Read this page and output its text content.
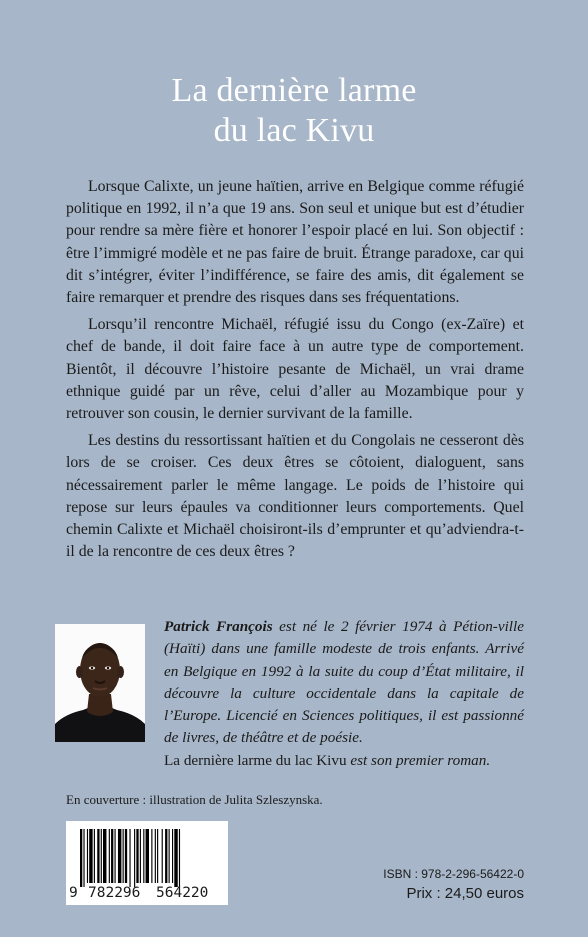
La dernière larme
du lac Kivu

Lorsque Calixte, un jeune haïtien, arrive en Belgique comme réfugié politique en 1992, il n’a que 19 ans. Son seul et unique but est d’étudier pour rendre sa mère fière et honorer l’espoir placé en lui. Son objectif : être l’immigré modèle et ne pas faire de bruit. Étrange paradoxe, car qui dit s’intégrer, éviter l’indifférence, se faire des amis, dit également se faire remarquer et prendre des risques dans ses fréquentations.

Lorsqu’il rencontre Michaël, réfugié issu du Congo (ex-Zaïre) et chef de bande, il doit faire face à un autre type de comportement. Bientôt, il découvre l’histoire pesante de Michaël, un vrai drame ethnique guidé par un rêve, celui d’aller au Mozambique pour y retrouver son cousin, le dernier survivant de la famille.

Les destins du ressortissant haïtien et du Congolais ne cesseront dès lors de se croiser. Ces deux êtres se côtoient, dialoguent, sans nécessairement parler le même langage. Le poids de l’histoire qui repose sur leurs épaules va conditionner leurs comportements. Quel chemin Calixte et Michaël choisiront-ils d’emprunter et qu’adviendra-t-il de la rencontre de ces deux êtres ?

Patrick François est né le 2 février 1974 à Pétion-ville (Haïti) dans une famille modeste de trois enfants. Arrivé en Belgique en 1992 à la suite du coup d’État militaire, il découvre la culture occidentale dans la capitale de l’Europe. Licencié en Sciences politiques, il est passionné de livres, de théâtre et de poésie.
La dernière larme du lac Kivu est son premier roman.
En couverture : illustration de Julita Szleszynska.
9 782296 564220
ISBN : 978-2-296-56422-0
Prix : 24,50 euros
